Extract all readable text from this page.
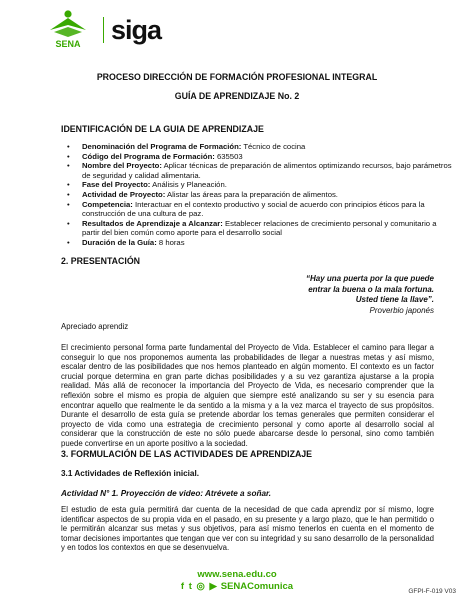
SENA siga
PROCESO DIRECCIÓN DE FORMACIÓN PROFESIONAL INTEGRAL
GUÍA DE APRENDIZAJE No. 2
IDENTIFICACIÓN DE LA GUIA DE APRENDIZAJE
• Denominación del Programa de Formación: Técnico de cocina
• Código del Programa de Formación: 635503
• Nombre del Proyecto: Aplicar técnicas de preparación de alimentos optimizando recursos, bajo parámetros de seguridad y calidad alimentaria.
• Fase del Proyecto: Análisis y Planeación.
• Actividad de Proyecto: Alistar las áreas para la preparación de alimentos.
• Competencia: Interactuar en el contexto productivo y social de acuerdo con principios éticos para la construcción de una cultura de paz.
• Resultados de Aprendizaje a Alcanzar: Establecer relaciones de crecimiento personal y comunitario a partir del bien común como aporte para el desarrollo social
• Duración de la Guía: 8 horas
2. PRESENTACIÓN
“Hay una puerta por la que puede
entrar la buena o la mala fortuna.
Usted tiene la llave”.
Proverbio japonés
Apreciado aprendiz
El crecimiento personal forma parte fundamental del Proyecto de Vida. Establecer el camino para llegar a conseguir lo que nos proponemos aumenta las probabilidades de llegar a nuestras metas y así mismo, escalar dentro de las posibilidades que nos hemos planteado en algún momento. El contexto es un factor crucial porque determina en gran parte dichas posibilidades y a su vez garantiza ajustarse a la propia realidad. Más allá de reconocer la importancia del Proyecto de Vida, es necesario comprender que la reflexión sobre el mismo es propia de alguien que siempre esté analizando su ser y su esencia para encontrar aquello que realmente le da sentido a la misma y a la vez marca el trayecto de sus propósitos. Durante el desarrollo de esta guía se pretende abordar los temas generales que permiten considerar el proyecto de vida como una estrategia de crecimiento personal y como aporte al desarrollo social al considerar que la construcción de este no sólo puede abarcarse desde lo personal, sino como también puede convertirse en un aporte positivo a la sociedad.
3. FORMULACIÓN DE LAS ACTIVIDADES DE APRENDIZAJE
3.1 Actividades de Reflexión inicial.
Actividad N° 1. Proyección de video: Atrévete a soñar.
El estudio de esta guía permitirá dar cuenta de la necesidad de que cada aprendiz por sí mismo, logre identificar aspectos de su propia vida en el pasado, en su presente y a largo plazo, que le han permitido o le permitirán alcanzar sus metas y sus objetivos, para así mismo tenerlos en cuenta en el momento de tomar decisiones importantes que tengan que ver con su integridad y su sano desarrollo de la personalidad y en todos los contextos en que se desenvuelva.
www.sena.edu.co
f t ◎ ▶ SENAComunica	GFPI-F-019 V03
